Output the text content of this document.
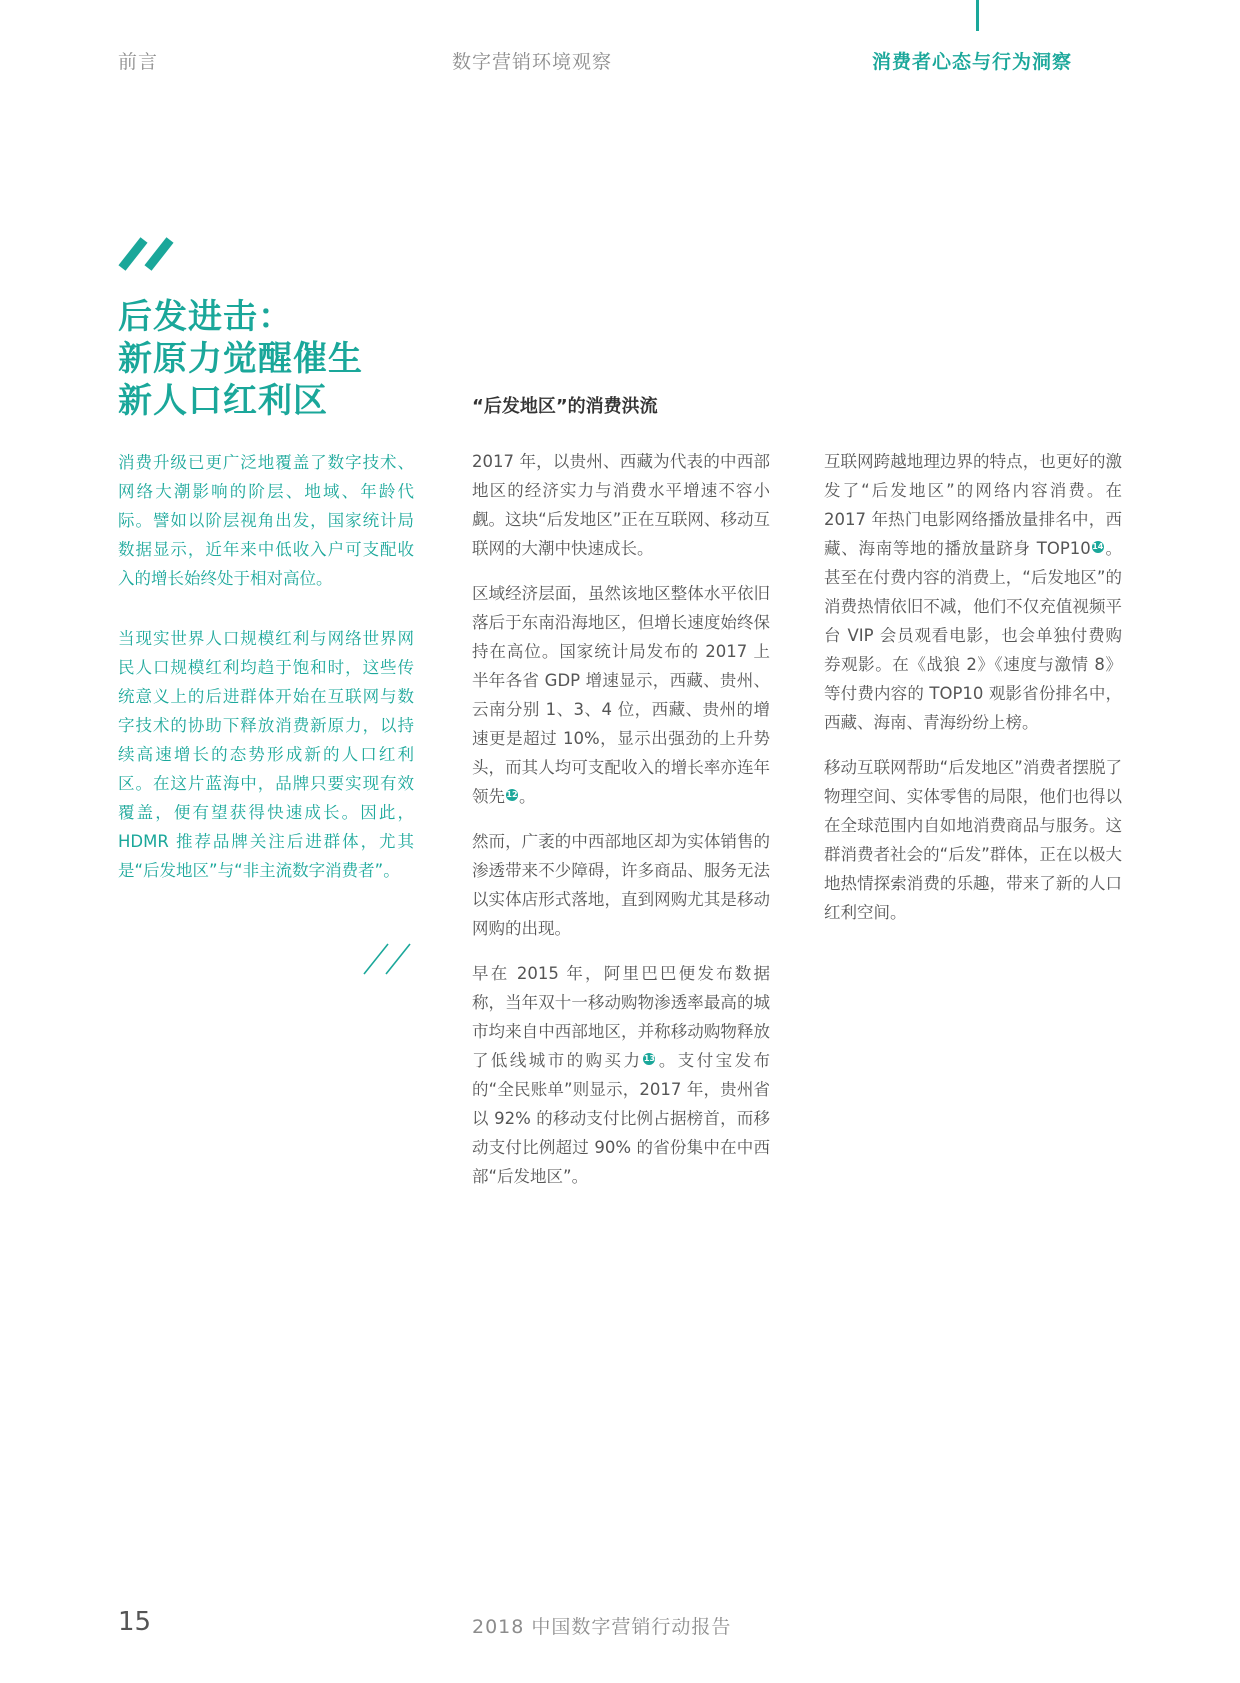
前言	数字营销环境观察	消费者心态与行为洞察
后发进击：
新原力觉醒催生
新人口红利区
消费升级已更广泛地覆盖了数字技术、网络大潮影响的阶层、地域、年龄代际。譬如以阶层视角出发，国家统计局数据显示，近年来中低收入户可支配收入的增长始终处于相对高位。
当现实世界人口规模红利与网络世界网民人口规模红利均趋于饱和时，这些传统意义上的后进群体开始在互联网与数字技术的协助下释放消费新原力，以持续高速增长的态势形成新的人口红利区。在这片蓝海中，品牌只要实现有效覆盖，便有望获得快速成长。因此，HDMR 推荐品牌关注后进群体，尤其是“后发地区”与“非主流数字消费者”。
“后发地区”的消费洪流

2017 年，以贵州、西藏为代表的中西部地区的经济实力与消费水平增速不容小觑。这块“后发地区”正在互联网、移动互联网的大潮中快速成长。

区域经济层面，虽然该地区整体水平依旧落后于东南沿海地区，但增长速度始终保持在高位。国家统计局发布的 2017 上半年各省 GDP 增速显示，西藏、贵州、云南分别 1、3、4 位，西藏、贵州的增速更是超过 10%，显示出强劲的上升势头，而其人均可支配收入的增长率亦连年领先12。

然而，广袤的中西部地区却为实体销售的渗透带来不少障碍，许多商品、服务无法以实体店形式落地，直到网购尤其是移动网购的出现。

早在 2015 年，阿里巴巴便发布数据称，当年双十一移动购物渗透率最高的城市均来自中西部地区，并称移动购物释放了低线城市的购买力13。支付宝发布的“全民账单”则显示，2017 年，贵州省以 92% 的移动支付比例占据榜首，而移动支付比例超过 90% 的省份集中在中西部“后发地区”。

互联网跨越地理边界的特点，也更好的激发了“后发地区”的网络内容消费。在 2017 年热门电影网络播放量排名中，西藏、海南等地的播放量跻身 TOP1014。甚至在付费内容的消费上，“后发地区”的消费热情依旧不减，他们不仅充值视频平台 VIP 会员观看电影，也会单独付费购券观影。在《战狼 2》《速度与激情 8》等付费内容的 TOP10 观影省份排名中，西藏、海南、青海纷纷上榜。

移动互联网帮助“后发地区”消费者摆脱了物理空间、实体零售的局限，他们也得以在全球范围内自如地消费商品与服务。这群消费者社会的“后发”群体，正在以极大地热情探索消费的乐趣，带来了新的人口红利空间。

15	2018 中国数字营销行动报告
